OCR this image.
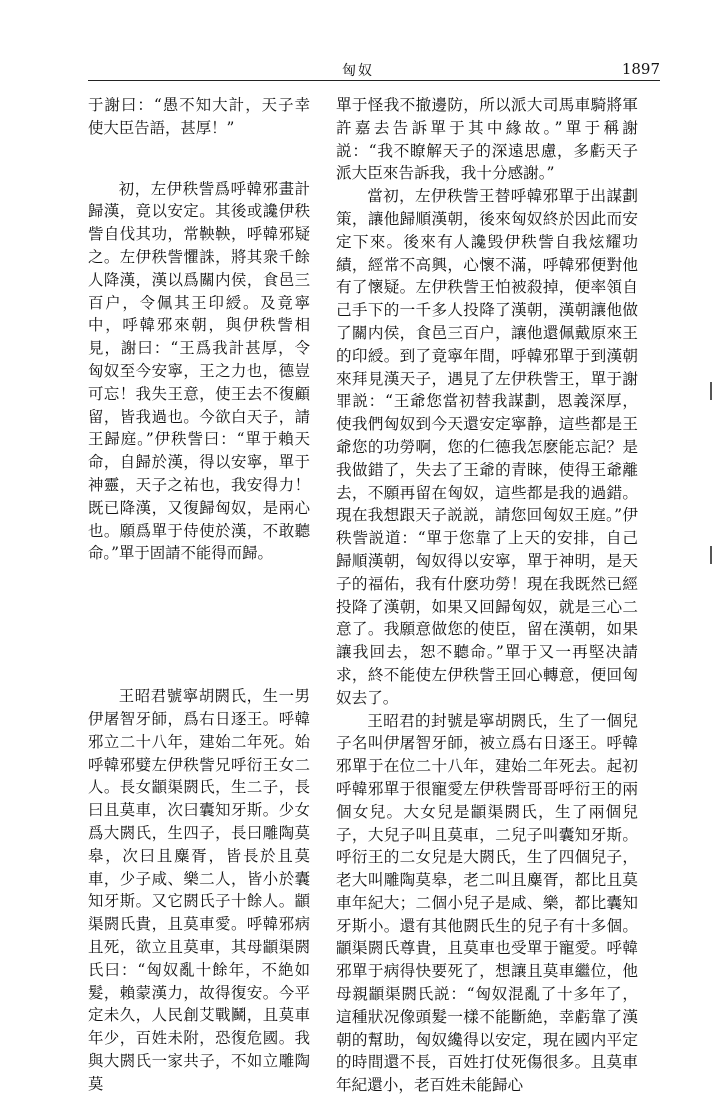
匈奴	1897

于謝曰：“愚不知大計，天子幸使大臣告語，甚厚！”

初，左伊秩訾爲呼韓邪畫計歸漢，竟以安定。其後或讒伊秩訾自伐其功，常鞅鞅，呼韓邪疑之。左伊秩訾懼誅，將其衆千餘人降漢，漢以爲關内侯，食邑三百户，令佩其王印綬。及竟寧中，呼韓邪來朝，與伊秩訾相見，謝曰：“王爲我計甚厚，令匈奴至今安寧，王之力也，德豈可忘！我失王意，使王去不復顧留，皆我過也。今欲白天子，請王歸庭。”伊秩訾曰：“單于賴天命，自歸於漢，得以安寧，單于神靈，天子之祐也，我安得力！既已降漢，又復歸匈奴，是兩心也。願爲單于侍使於漢，不敢聽命。”單于固請不能得而歸。

王昭君號寧胡閼氏，生一男伊屠智牙師，爲右日逐王。呼韓邪立二十八年，建始二年死。始呼韓邪嬖左伊秩訾兄呼衍王女二人。長女顓渠閼氏，生二子，長曰且莫車，次曰囊知牙斯。少女爲大閼氏，生四子，長曰雕陶莫皋，次曰且麋胥，皆長於且莫車，少子咸、樂二人，皆小於囊知牙斯。又它閼氏子十餘人。顓渠閼氏貴，且莫車愛。呼韓邪病且死，欲立且莫車，其母顓渠閼氏曰：“匈奴亂十餘年，不絶如髮，賴蒙漢力，故得復安。今平定未久，人民創艾戰鬭，且莫車年少，百姓未附，恐復危國。我與大閼氏一家共子，不如立雕陶莫

單于怪我不撤邊防，所以派大司馬車騎將軍許嘉去告訴單于其中緣故。”單于稱謝説：“我不瞭解天子的深遠思慮，多虧天子派大臣來告訴我，我十分感謝。”

當初，左伊秩訾王替呼韓邪單于出謀劃策，讓他歸順漢朝，後來匈奴終於因此而安定下來。後來有人讒毁伊秩訾自我炫耀功績，經常不高興，心懷不滿，呼韓邪便對他有了懷疑。左伊秩訾王怕被殺掉，便率領自己手下的一千多人投降了漢朝，漢朝讓他做了關内侯，食邑三百户，讓他還佩戴原來王的印綬。到了竟寧年間，呼韓邪單于到漢朝來拜見漢天子，遇見了左伊秩訾王，單于謝罪説：“王爺您當初替我謀劃，恩義深厚，使我們匈奴到今天還安定寧静，這些都是王爺您的功勞啊，您的仁德我怎麽能忘記？是我做錯了，失去了王爺的青睞，使得王爺離去，不願再留在匈奴，這些都是我的過錯。現在我想跟天子説説，請您回匈奴王庭。”伊秩訾説道：“單于您靠了上天的安排，自己歸順漢朝，匈奴得以安寧，單于神明，是天子的福佑，我有什麽功勞！現在我既然已經投降了漢朝，如果又回歸匈奴，就是三心二意了。我願意做您的使臣，留在漢朝，如果讓我回去，恕不聽命。”單于又一再堅决請求，終不能使左伊秩訾王回心轉意，便回匈奴去了。

王昭君的封號是寧胡閼氏，生了一個兒子名叫伊屠智牙師，被立爲右日逐王。呼韓邪單于在位二十八年，建始二年死去。起初呼韓邪單于很寵愛左伊秩訾哥哥呼衍王的兩個女兒。大女兒是顓渠閼氏，生了兩個兒子，大兒子叫且莫車，二兒子叫囊知牙斯。呼衍王的二女兒是大閼氏，生了四個兒子，老大叫雕陶莫皋，老二叫且麋胥，都比且莫車年紀大；二個小兒子是咸、樂，都比囊知牙斯小。還有其他閼氏生的兒子有十多個。顓渠閼氏尊貴，且莫車也受單于寵愛。呼韓邪單于病得快要死了，想讓且莫車繼位，他母親顓渠閼氏説：“匈奴混亂了十多年了，這種狀况像頭髮一樣不能斷絶，幸虧靠了漢朝的幫助，匈奴纔得以安定，現在國内平定的時間還不長，百姓打仗死傷很多。且莫車年紀還小，老百姓未能歸心
